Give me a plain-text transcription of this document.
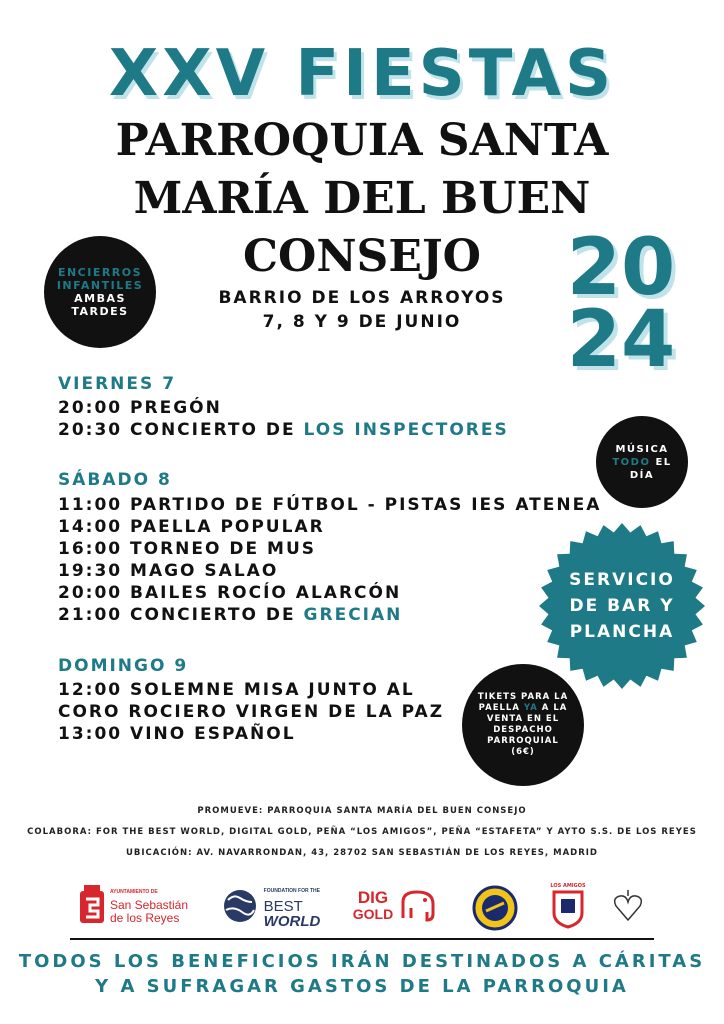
XXV FIESTAS
PARROQUIA SANTA
MARÍA DEL BUEN
CONSEJO
BARRIO DE LOS ARROYOS
7, 8 Y 9 DE JUNIO
20
24
ENCIERROS
INFANTILES
AMBAS
TARDES
VIERNES 7
20:00 PREGÓN
20:30 CONCIERTO DE LOS INSPECTORES
MÚSICA
TODO EL
DÍA
SÁBADO 8
11:00 PARTIDO DE FÚTBOL - PISTAS IES ATENEA
14:00 PAELLA POPULAR
16:00 TORNEO DE MUS
19:30 MAGO SALAO
20:00 BAILES ROCÍO ALARCÓN
21:00 CONCIERTO DE GRECIAN
SERVICIO
DE BAR Y
PLANCHA
DOMINGO 9
12:00 SOLEMNE MISA JUNTO AL
CORO ROCIERO VIRGEN DE LA PAZ
13:00 VINO ESPAÑOL
TIKETS PARA LA
PAELLA YA A LA
VENTA EN EL
DESPACHO
PARROQUIAL
(6€)
PROMUEVE: PARROQUIA SANTA MARÍA DEL BUEN CONSEJO
COLABORA: FOR THE BEST WORLD, DIGITAL GOLD, PEÑA “LOS AMIGOS”, PEÑA “ESTAFETA” Y AYTO S.S. DE LOS REYES
UBICACIÓN: AV. NAVARRONDAN, 43, 28702 SAN SEBASTIÁN DE LOS REYES, MADRID
AYUNTAMIENTO DE
San Sebastián
de los Reyes
FOUNDATION FOR THE
BEST
WORLD
DIG
GOLD
LOS AMIGOS
TODOS LOS BENEFICIOS IRÁN DESTINADOS A CÁRITAS
Y A SUFRAGAR GASTOS DE LA PARROQUIA
